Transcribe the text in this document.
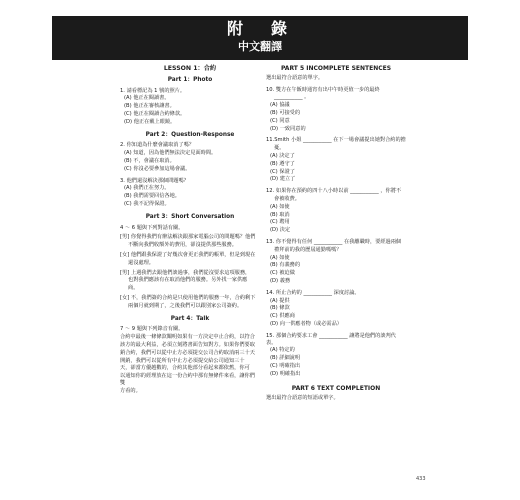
附　錄
中文翻譯
LESSON 1：合約
Part 1：Photo
1. 請看標記為 1 號的照片。
(A) 他正在閱讀書。
(B) 他正在審核讓書。
(C) 他正在閱讀合約條款。
(D) 他正在戴上眼鏡。
Part 2：Question-Response
2. 你知道為什麼會議取消了嗎？
(A) 知道，因為他們無法決定見面時間。
(B) 不，會議在取消。
(C) 你沒必要參加這場會議。
3. 他們還沒解決那個問題嗎？
(A) 我們正在努力。
(B) 我們需要回信各地。
(C) 我不記得保證。
Part 3：Short Conversation
4 ～ 6 題與下列對話有關。
[男] 你覺得我們有辦法解決跟那家電腦公司的問題嗎？他們
不斷向我們收額外的費用，卻沒提供那些服務。
[女] 他們跟我保證了好幾次會更正我們的帳單，但是到現在
還沒處理。
[男] 上週我們去跟他們談過事，我們從沒要求這項服務，
也對我們應該有在取消他們的服務。另外找一家供應
商。
[女] 不，我們簽的合約是只使用他們的服務一年，合約剩下
兩個月就到期了，之後我們可以跟別家公司簽約。
Part 4：Talk
7 ～ 9 題與下列錄音有關。
合約中最後一條條款闡明如果有一方決定中止合約，以符合
該方的最大利益，必須立刻將書面告知對方。如果你們要取
銷合約，我們可以從中止方必須提交公司合約取消兩三十天
開銷，我們可以從所有中止方必須提交給公司通知三十
天，卻當方優越數的，合約其他部分看起來都依舊，你可
以通知你的經理放在這一份合約中那有無條件來看，讓你們雙
方看的。
PART 5 INCOMPLETE SENTENCES
選出最符合語意的單字。
10. 雙方在午飯時通宵有出中午時更值一步的最終
___________ 。
(A) 協議
(B) 可接受的
(C) 同意
(D) 一致同意的
11.Smith 小姐 ___________ 在下一場會議提出她對合約的擔
憂。
(A) 決定了
(B) 遵守了
(C) 保證了
(D) 建立了
12. 如果你在預約的四十八小時以前 ___________ ，你將不
會被收費。
(A) 如使
(B) 取消
(C) 聘用
(D) 決定
13. 你不覺得有任何 ___________ 在我離職時，要經過兩個
禮拜前的我的歷屆通勤嗎嗎？
(A) 如使
(B) 有義務的
(C) 被迫做
(D) 義務
14. 所止合約的 ___________ 深度討論。
(A) 提供
(B) 條款
(C) 供應商
(D) 向一供應者物（或必需品）
15. 那個合約要求工會 ___________ 讓將是他們的談判代表。
(A) 特定的
(B) 詳細說明
(C) 明確指出
(D) 明確指出
PART 6 TEXT COMPLETION
選出最符合語意的短語或單字。
433
